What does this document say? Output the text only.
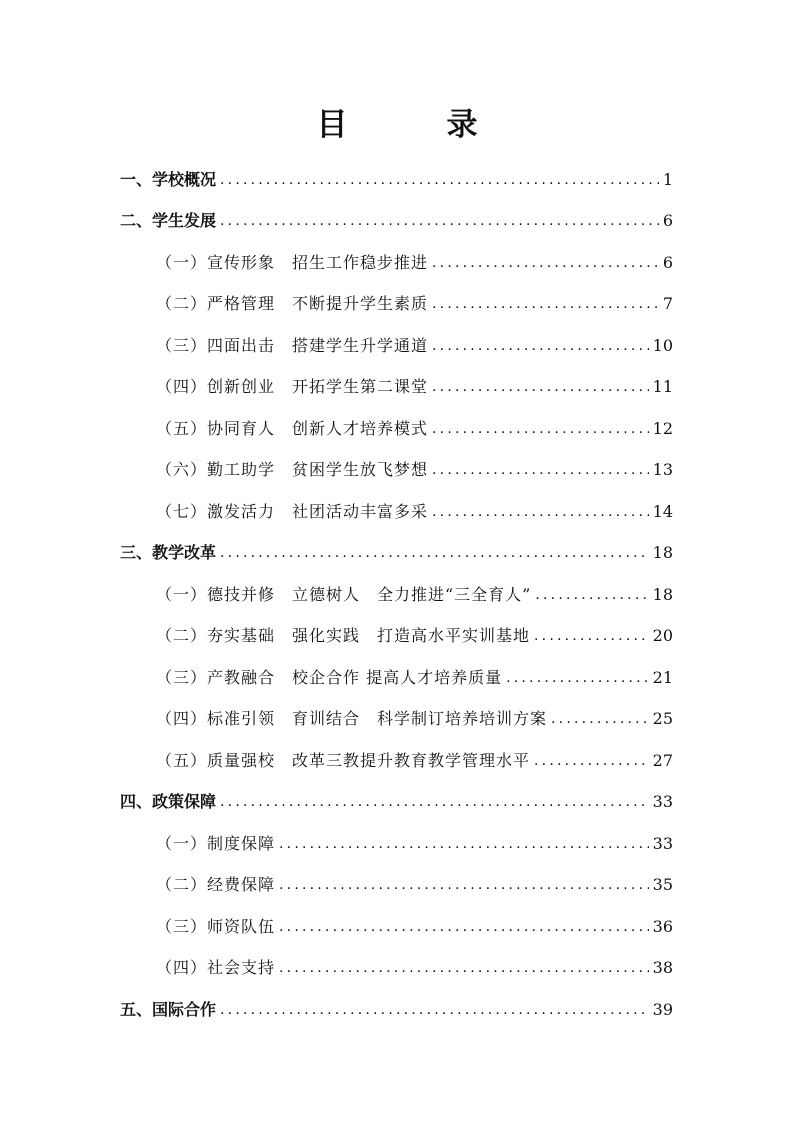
目　录
一、学校概况 .....	1
二、学生发展 .....	6
（一）宣传形象　招生工作稳步推进 .....	6
（二）严格管理　不断提升学生素质 .....	7
（三）四面出击　搭建学生升学通道 .....	10
（四）创新创业　开拓学生第二课堂 .....	11
（五）协同育人　创新人才培养模式 .....	12
（六）勤工助学　贫困学生放飞梦想 .....	13
（七）激发活力　社团活动丰富多采 .....	14
三、教学改革 .....	18
（一）德技并修　立德树人　全力推进“三全育人” .....	18
（二）夯实基础　强化实践　打造高水平实训基地 .....	20
（三）产教融合　校企合作 提高人才培养质量 .....	21
（四）标准引领　育训结合　科学制订培养培训方案 .....	25
（五）质量强校　改革三教提升教育教学管理水平 .....	27
四、政策保障 .....	33
（一）制度保障 .....	33
（二）经费保障 .....	35
（三）师资队伍 .....	36
（四）社会支持 .....	38
五、国际合作 .....	39
